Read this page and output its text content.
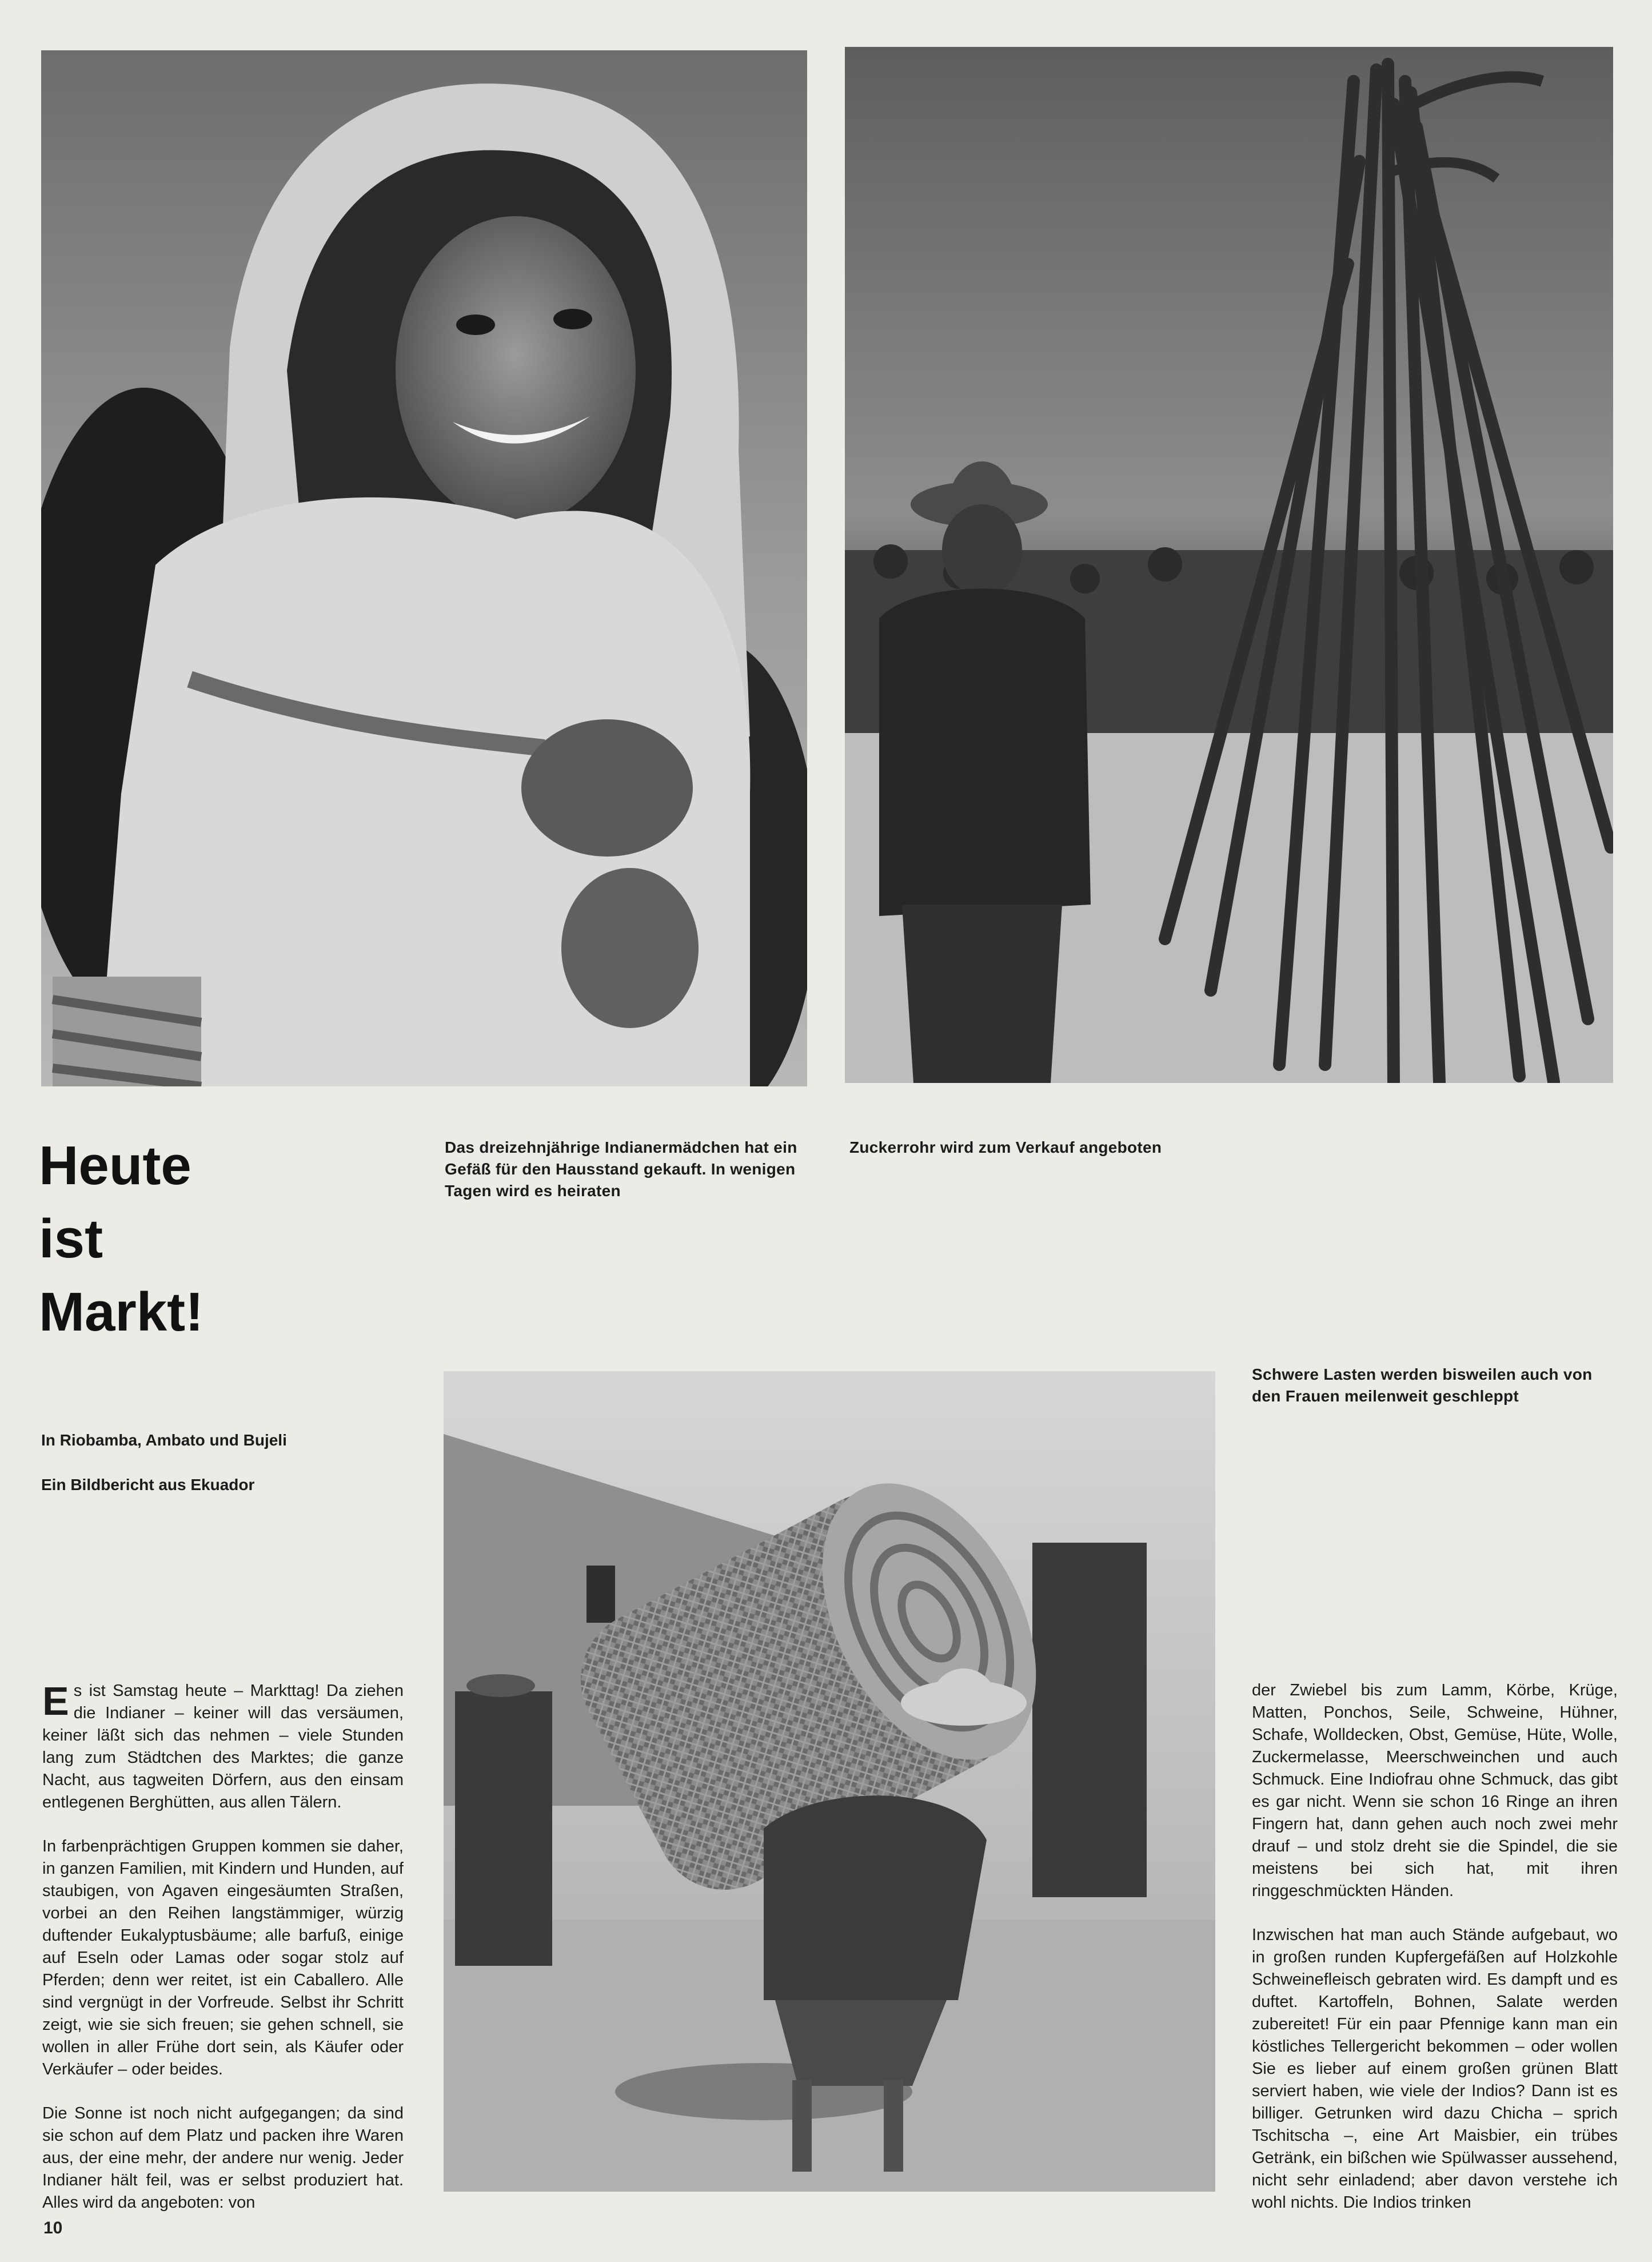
Heute
ist
Markt!
Das dreizehnjährige Indianermädchen hat ein Gefäß für den Hausstand gekauft. In wenigen Tagen wird es heiraten
Zuckerrohr wird zum Verkauf angeboten
Schwere Lasten werden bisweilen auch von den Frauen meilenweit geschleppt
In Riobamba, Ambato und Bujeli
Ein Bildbericht aus Ekuador

Es ist Samstag heute – Markttag! Da ziehen die Indianer – keiner will das versäumen, keiner läßt sich das nehmen – viele Stunden lang zum Städtchen des Marktes; die ganze Nacht, aus tagweiten Dörfern, aus den einsam entlegenen Berghütten, aus allen Tälern.

In farbenprächtigen Gruppen kommen sie daher, in ganzen Familien, mit Kindern und Hunden, auf staubigen, von Agaven eingesäumten Straßen, vorbei an den Reihen langstämmiger, würzig duftender Eukalyptusbäume; alle barfuß, einige auf Eseln oder Lamas oder sogar stolz auf Pferden; denn wer reitet, ist ein Caballero. Alle sind vergnügt in der Vorfreude. Selbst ihr Schritt zeigt, wie sie sich freuen; sie gehen schnell, sie wollen in aller Frühe dort sein, als Käufer oder Verkäufer – oder beides.

Die Sonne ist noch nicht aufgegangen; da sind sie schon auf dem Platz und packen ihre Waren aus, der eine mehr, der andere nur wenig. Jeder Indianer hält feil, was er selbst produziert hat. Alles wird da angeboten: von

der Zwiebel bis zum Lamm, Körbe, Krüge, Matten, Ponchos, Seile, Schweine, Hühner, Schafe, Wolldecken, Obst, Gemüse, Hüte, Wolle, Zuckermelasse, Meerschweinchen und auch Schmuck. Eine Indiofrau ohne Schmuck, das gibt es gar nicht. Wenn sie schon 16 Ringe an ihren Fingern hat, dann gehen auch noch zwei mehr drauf – und stolz dreht sie die Spindel, die sie meistens bei sich hat, mit ihren ringgeschmückten Händen.

Inzwischen hat man auch Stände aufgebaut, wo in großen runden Kupfergefäßen auf Holzkohle Schweinefleisch gebraten wird. Es dampft und es duftet. Kartoffeln, Bohnen, Salate werden zubereitet! Für ein paar Pfennige kann man ein köstliches Tellergericht bekommen – oder wollen Sie es lieber auf einem großen grünen Blatt serviert haben, wie viele der Indios? Dann ist es billiger. Getrunken wird dazu Chicha – sprich Tschitscha –, eine Art Maisbier, ein trübes Getränk, ein bißchen wie Spülwasser aussehend, nicht sehr einladend; aber davon verstehe ich wohl nichts. Die Indios trinken

10
